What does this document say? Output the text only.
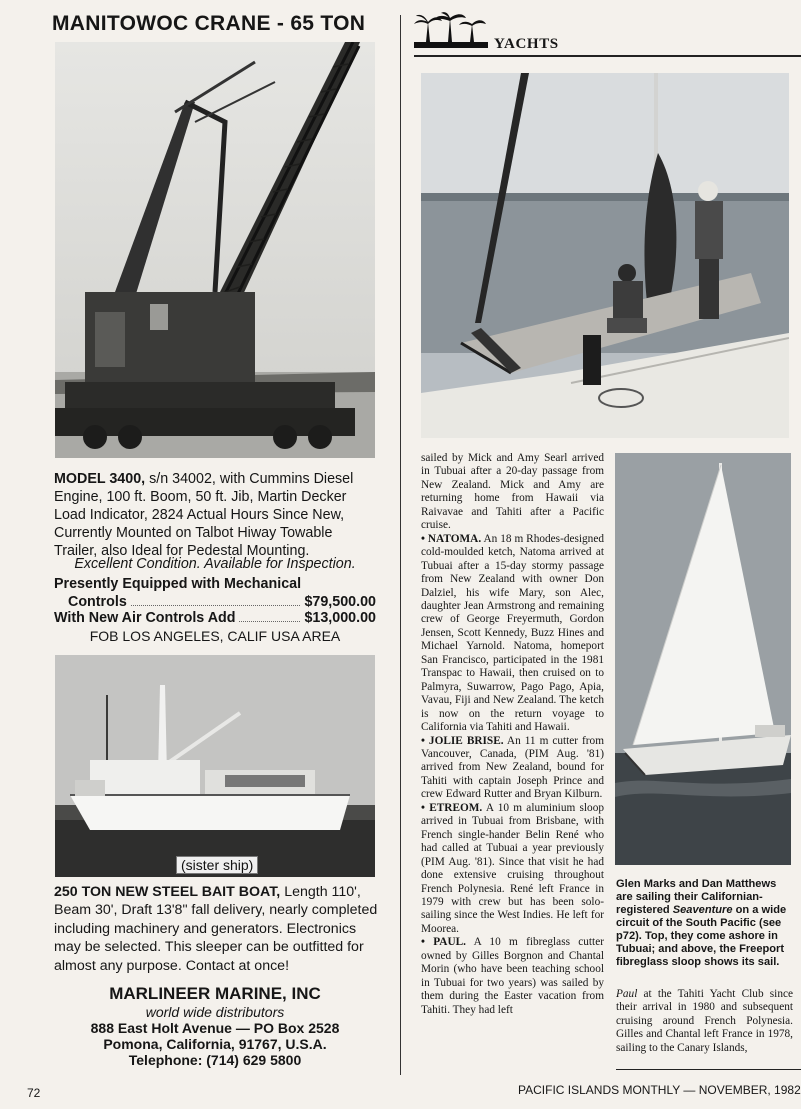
MANITOWOC CRANE - 65 TON
MODEL 3400, s/n 34002, with Cummins Diesel Engine, 100 ft. Boom, 50 ft. Jib, Martin Decker Load Indicator, 2824 Actual Hours Since New, Currently Mounted on Talbot Hiway Towable Trailer, also Ideal for Pedestal Mounting.
Excellent Condition. Available for Inspection.
Presently Equipped with Mechanical
Controls	$79,500.00
With New Air Controls Add	$13,000.00
FOB LOS ANGELES, CALIF USA AREA
(sister ship)
250 TON NEW STEEL BAIT BOAT, Length 110', Beam 30', Draft 13'8" fall delivery, nearly completed including machinery and generators. Electronics may be selected. This sleeper can be outfitted for almost any purpose. Contact at once!
MARLINEER MARINE, INC
world wide distributors
888 East Holt Avenue — PO Box 2528
Pomona, California, 91767, U.S.A.
Telephone: (714) 629 5800
72
YACHTS

sailed by Mick and Amy Searl arrived in Tubuai after a 20-day passage from New Zealand. Mick and Amy are returning home from Hawaii via Raivavae and Tahiti after a Pacific cruise.

• NATOMA. An 18 m Rhodes-designed cold-moulded ketch, Natoma arrived at Tubuai after a 15-day stormy passage from New Zealand with owner Don Dalziel, his wife Mary, son Alec, daughter Jean Armstrong and remaining crew of George Freyermuth, Gordon Jensen, Scott Kennedy, Buzz Hines and Michael Yarnold. Natoma, homeport San Francisco, participated in the 1981 Transpac to Hawaii, then cruised on to Palmyra, Suwarrow, Pago Pago, Apia, Vavau, Fiji and New Zealand. The ketch is now on the return voyage to California via Tahiti and Hawaii.

• JOLIE BRISE. An 11 m cutter from Vancouver, Canada, (PIM Aug. '81) arrived from New Zealand, bound for Tahiti with captain Joseph Prince and crew Edward Rutter and Bryan Kilburn.

• ETREOM. A 10 m aluminium sloop arrived in Tubuai from Brisbane, with French single-hander Belin René who had called at Tubuai a year previously (PIM Aug. '81). Since that visit he had done extensive cruising throughout French Polynesia. René left France in 1979 with crew but has been solo-sailing since the West Indies. He left for Moorea.

• PAUL. A 10 m fibreglass cutter owned by Gilles Borgnon and Chantal Morin (who have been teaching school in Tubuai for two years) was sailed by them during the Easter vacation from Tahiti. They had left

Glen Marks and Dan Matthews are sailing their Californian-registered Seaventure on a wide circuit of the South Pacific (see p72). Top, they come ashore in Tubuai; and above, the Freeport fibreglass sloop shows its sail.
Paul at the Tahiti Yacht Club since their arrival in 1980 and subsequent cruising around French Polynesia. Gilles and Chantal left France in 1978, sailing to the Canary Islands,
PACIFIC ISLANDS MONTHLY — NOVEMBER, 1982
